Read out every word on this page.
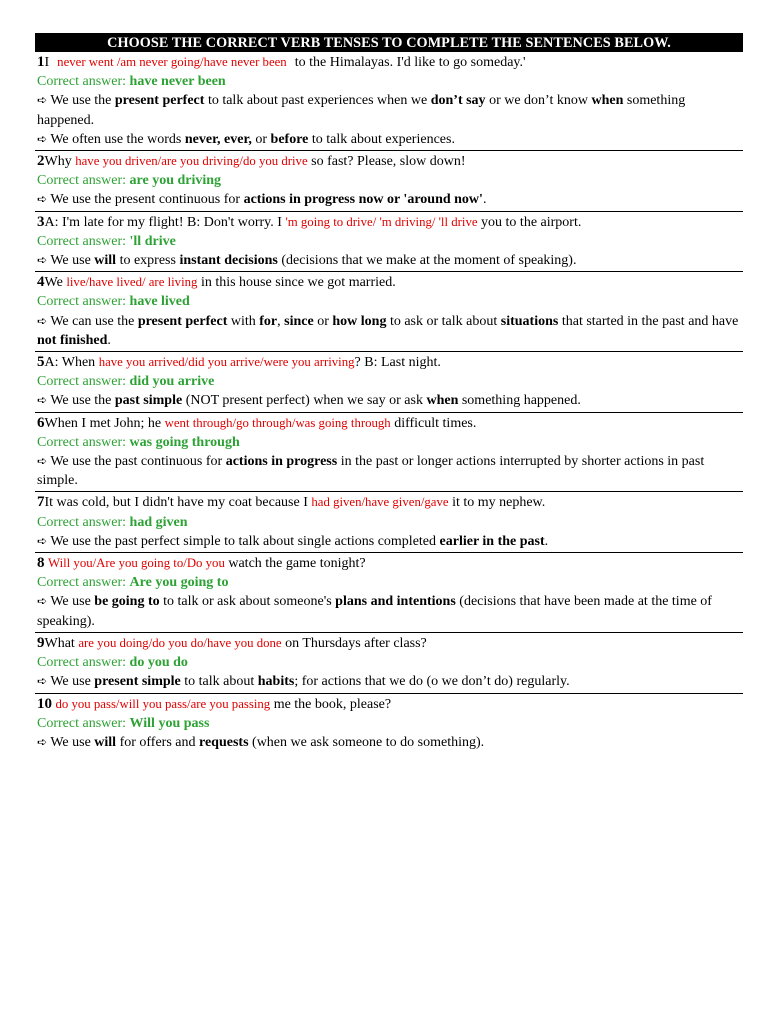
CHOOSE THE CORRECT VERB TENSES TO COMPLETE THE SENTENCES BELOW.

1I never went /am never going/have never been to the Himalayas. I'd like to go someday.'

Correct answer: have never been

➪ We use the present perfect to talk about past experiences when we don’t say or we don’t know when something happened.

➪ We often use the words never, ever, or before to talk about experiences.

2Why have you driven/are you driving/do you drive so fast? Please, slow down!

Correct answer: are you driving

➪ We use the present continuous for actions in progress now or 'around now'.

3A: I'm late for my flight! B: Don't worry. I 'm going to drive/ 'm driving/ 'll drive you to the airport.

Correct answer: 'll drive

➪ We use will to express instant decisions (decisions that we make at the moment of speaking).

4We live/have lived/ are living in this house since we got married.

Correct answer: have lived

➪ We can use the present perfect with for, since or how long to ask or talk about situations that started in the past and have not finished.

5A: When have you arrived/did you arrive/were you arriving? B: Last night.

Correct answer: did you arrive

➪ We use the past simple (NOT present perfect) when we say or ask when something happened.

6When I met John; he went through/go through/was going through difficult times.

Correct answer: was going through

➪ We use the past continuous for actions in progress in the past or longer actions interrupted by shorter actions in past simple.

7It was cold, but I didn't have my coat because I had given/have given/gave it to my nephew.

Correct answer: had given

➪ We use the past perfect simple to talk about single actions completed earlier in the past.

8 Will you/Are you going to/Do you watch the game tonight?

Correct answer: Are you going to

➪ We use be going to to talk or ask about someone's plans and intentions (decisions that have been made at the time of speaking).

9What are you doing/do you do/have you done on Thursdays after class?

Correct answer: do you do

➪ We use present simple to talk about habits; for actions that we do (o we don’t do) regularly.

10 do you pass/will you pass/are you passing me the book, please?

Correct answer: Will you pass

➪ We use will for offers and requests (when we ask someone to do something).
